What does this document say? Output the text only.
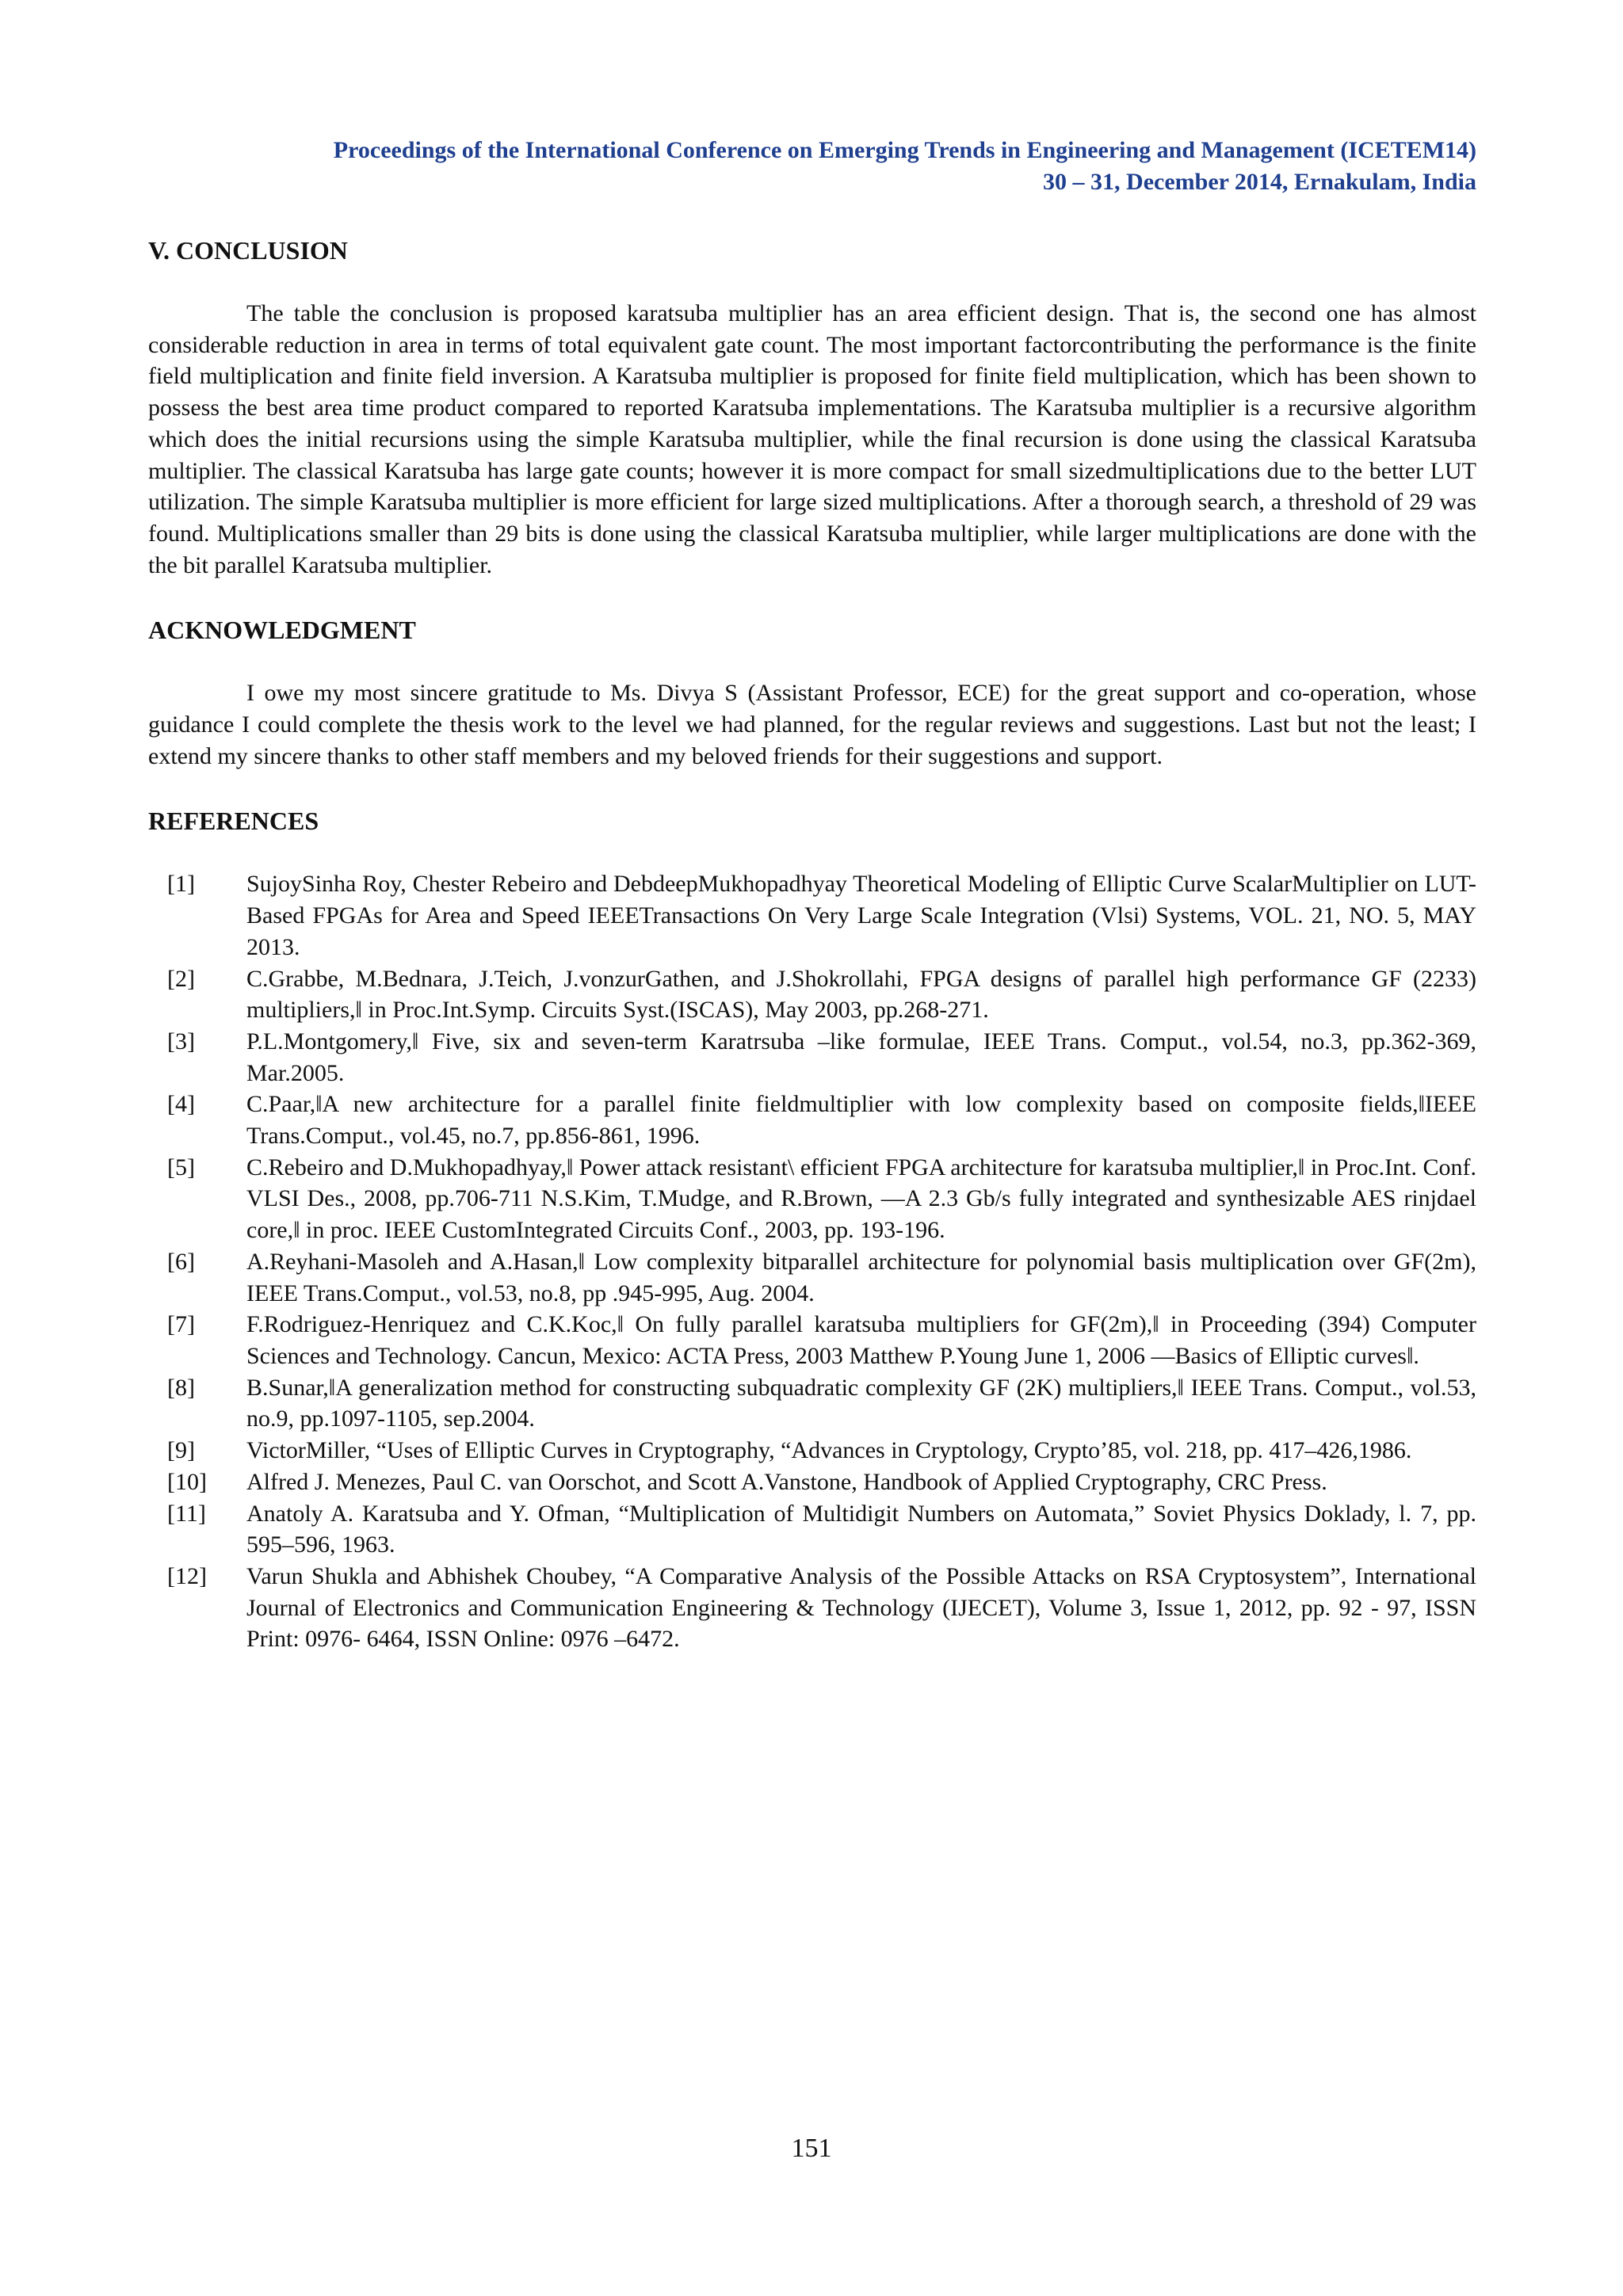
Proceedings of the International Conference on Emerging Trends in Engineering and Management (ICETEM14)
30 – 31, December 2014, Ernakulam, India
V. CONCLUSION

The table the conclusion is proposed karatsuba multiplier has an area efficient design. That is, the second one has almost considerable reduction in area in terms of total equivalent gate count. The most important factorcontributing the performance is the finite field multiplication and finite field inversion. A Karatsuba multiplier is proposed for finite field multiplication, which has been shown to possess the best area time product compared to reported Karatsuba implementations. The Karatsuba multiplier is a recursive algorithm which does the initial recursions using the simple Karatsuba multiplier, while the final recursion is done using the classical Karatsuba multiplier. The classical Karatsuba has large gate counts; however it is more compact for small sizedmultiplications due to the better LUT utilization. The simple Karatsuba multiplier is more efficient for large sized multiplications. After a thorough search, a threshold of 29 was found. Multiplications smaller than 29 bits is done using the classical Karatsuba multiplier, while larger multiplications are done with the the bit parallel Karatsuba multiplier.

ACKNOWLEDGMENT

I owe my most sincere gratitude to Ms. Divya S (Assistant Professor, ECE) for the great support and co-operation, whose guidance I could complete the thesis work to the level we had planned, for the regular reviews and suggestions. Last but not the least; I extend my sincere thanks to other staff members and my beloved friends for their suggestions and support.

REFERENCES
[1] SujoySinha Roy, Chester Rebeiro and DebdeepMukhopadhyay Theoretical Modeling of Elliptic Curve ScalarMultiplier on LUT-Based FPGAs for Area and Speed IEEETransactions On Very Large Scale Integration (Vlsi) Systems, VOL. 21, NO. 5, MAY 2013.
[2] C.Grabbe, M.Bednara, J.Teich, J.vonzurGathen, and J.Shokrollahi, FPGA designs of parallel high performance GF (2233) multipliers,‖ in Proc.Int.Symp. Circuits Syst.(ISCAS), May 2003, pp.268-271.
[3] P.L.Montgomery,‖ Five, six and seven-term Karatrsuba –like formulae, IEEE Trans. Comput., vol.54, no.3, pp.362-369, Mar.2005.
[4] C.Paar,‖A new architecture for a parallel finite fieldmultiplier with low complexity based on composite fields,‖IEEE Trans.Comput., vol.45, no.7, pp.856-861, 1996.
[5] C.Rebeiro and D.Mukhopadhyay,‖ Power attack resistant\ efficient FPGA architecture for karatsuba multiplier,‖ in Proc.Int. Conf. VLSI Des., 2008, pp.706-711 N.S.Kim, T.Mudge, and R.Brown, ―A 2.3 Gb/s fully integrated and synthesizable AES rinjdael core,‖ in proc. IEEE CustomIntegrated Circuits Conf., 2003, pp. 193-196.
[6] A.Reyhani-Masoleh and A.Hasan,‖ Low complexity bitparallel architecture for polynomial basis multiplication over GF(2m), IEEE Trans.Comput., vol.53, no.8, pp .945-995, Aug. 2004.
[7] F.Rodriguez-Henriquez and C.K.Koc,‖ On fully parallel karatsuba multipliers for GF(2m),‖ in Proceeding (394) Computer Sciences and Technology. Cancun, Mexico: ACTA Press, 2003 Matthew P.Young June 1, 2006 ―Basics of Elliptic curves‖.
[8] B.Sunar,‖A generalization method for constructing subquadratic complexity GF (2K) multipliers,‖ IEEE Trans. Comput., vol.53, no.9, pp.1097-1105, sep.2004.
[9] VictorMiller, “Uses of Elliptic Curves in Cryptography, “Advances in Cryptology, Crypto’85, vol. 218, pp. 417–426,1986.
[10] Alfred J. Menezes, Paul C. van Oorschot, and Scott A.Vanstone, Handbook of Applied Cryptography, CRC Press.
[11] Anatoly A. Karatsuba and Y. Ofman, “Multiplication of Multidigit Numbers on Automata,” Soviet Physics Doklady, l. 7, pp. 595–596, 1963.
[12] Varun Shukla and Abhishek Choubey, “A Comparative Analysis of the Possible Attacks on RSA Cryptosystem”, International Journal of Electronics and Communication Engineering & Technology (IJECET), Volume 3, Issue 1, 2012, pp. 92 - 97, ISSN Print: 0976- 6464, ISSN Online: 0976 –6472.
151
